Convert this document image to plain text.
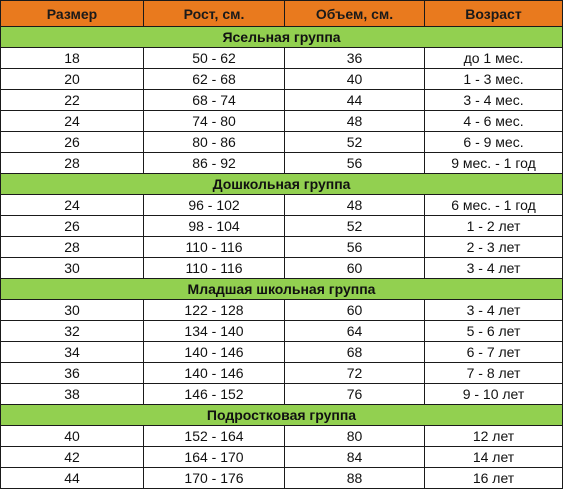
Размер	Рост, см.	Объем, см.	Возраст
Ясельная группа			
18	50 - 62	36	до 1 мес.
20	62 - 68	40	1 - 3 мес.
22	68 - 74	44	3 - 4 мес.
24	74 - 80	48	4 - 6 мес.
26	80 - 86	52	6 - 9 мес.
28	86 - 92	56	9 мес. - 1 год
Дошкольная группа			
24	96 - 102	48	6 мес. - 1 год
26	98 - 104	52	1 - 2 лет
28	110 - 116	56	2 - 3 лет
30	110 - 116	60	3 - 4 лет
Младшая школьная группа			
30	122 - 128	60	3 - 4 лет
32	134 - 140	64	5 - 6 лет
34	140 - 146	68	6 - 7 лет
36	140 - 146	72	7 - 8 лет
38	146 - 152	76	9 - 10 лет
Подростковая группа			
40	152 - 164	80	12 лет
42	164 - 170	84	14 лет
44	170 - 176	88	16 лет
